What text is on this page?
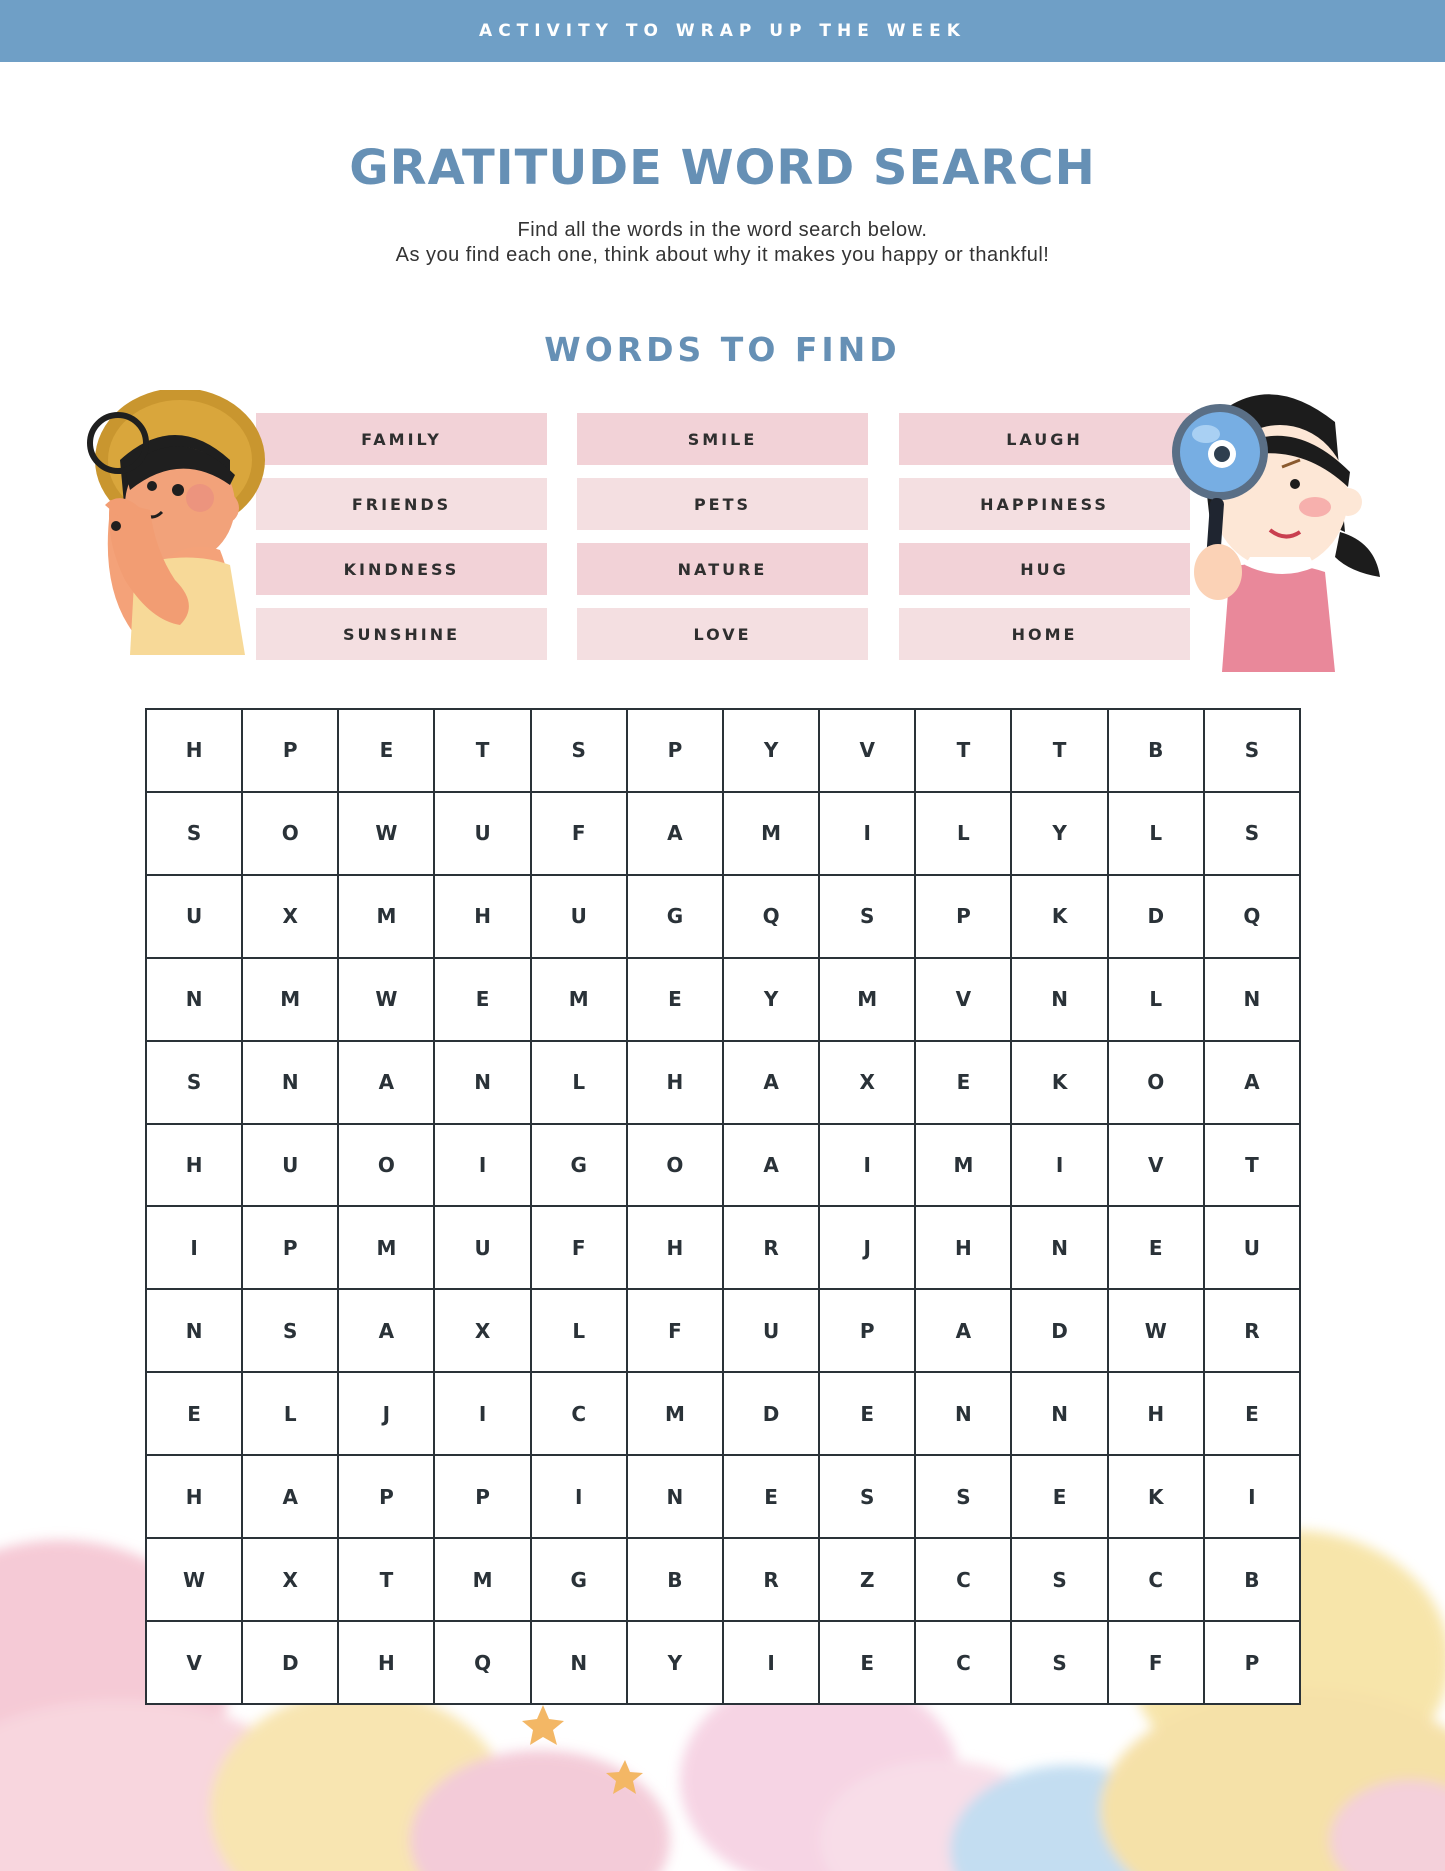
ACTIVITY TO WRAP UP THE WEEK
GRATITUDE WORD SEARCH
Find all the words in the word search below.
As you find each one, think about why it makes you happy or thankful!
WORDS TO FIND
FAMILY	SMILE	LAUGH
FRIENDS	PETS	HAPPINESS
KINDNESS	NATURE	HUG
SUNSHINE	LOVE	HOME
H	P	E	T	S	P	Y	V	T	T	B	S
S	O	W	U	F	A	M	I	L	Y	L	S
U	X	M	H	U	G	Q	S	P	K	D	Q
N	M	W	E	M	E	Y	M	V	N	L	N
S	N	A	N	L	H	A	X	E	K	O	A
H	U	O	I	G	O	A	I	M	I	V	T
I	P	M	U	F	H	R	J	H	N	E	U
N	S	A	X	L	F	U	P	A	D	W	R
E	L	J	I	C	M	D	E	N	N	H	E
H	A	P	P	I	N	E	S	S	E	K	I
W	X	T	M	G	B	R	Z	C	S	C	B
V	D	H	Q	N	Y	I	E	C	S	F	P
